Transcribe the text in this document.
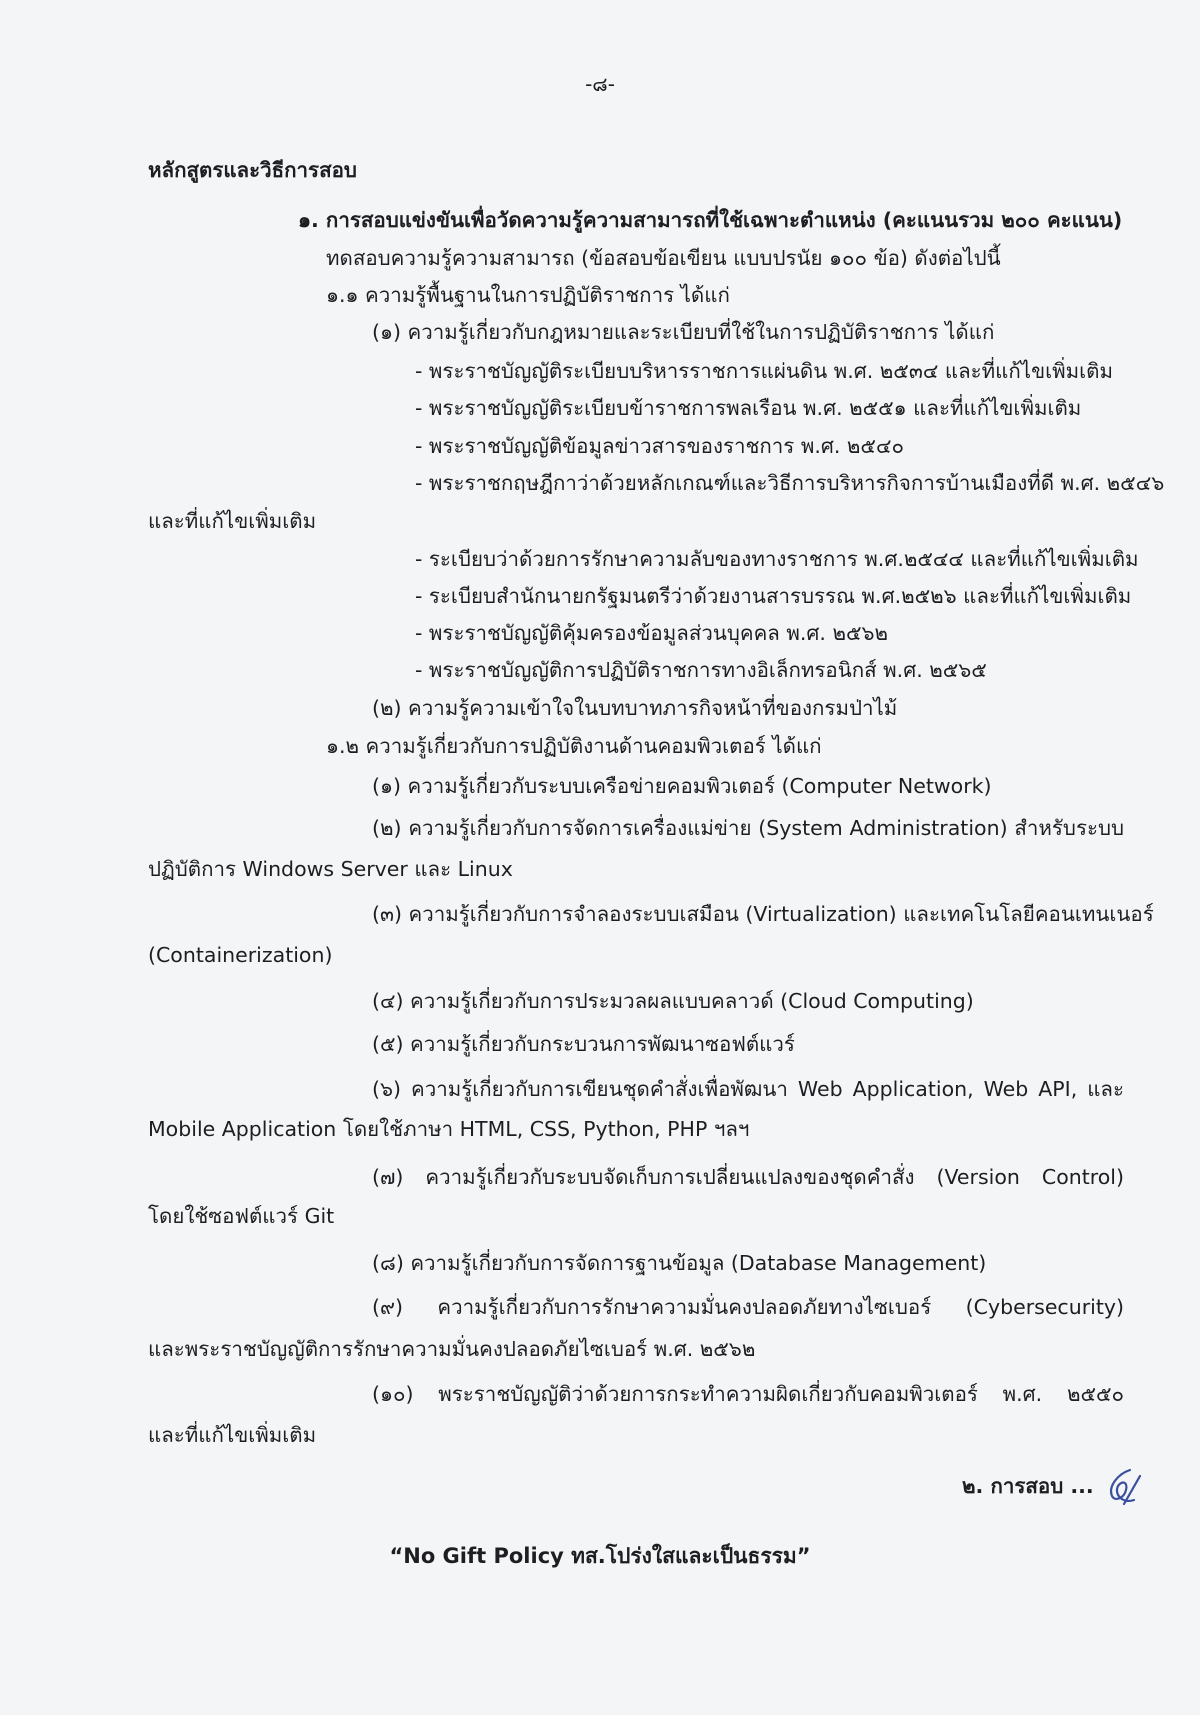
-๘-
หลักสูตรและวิธีการสอบ
๑. การสอบแข่งขันเพื่อวัดความรู้ความสามารถที่ใช้เฉพาะตำแหน่ง (คะแนนรวม ๒๐๐ คะแนน)
ทดสอบความรู้ความสามารถ (ข้อสอบข้อเขียน แบบปรนัย ๑๐๐ ข้อ) ดังต่อไปนี้
๑.๑ ความรู้พื้นฐานในการปฏิบัติราชการ ได้แก่
(๑) ความรู้เกี่ยวกับกฎหมายและระเบียบที่ใช้ในการปฏิบัติราชการ ได้แก่
- พระราชบัญญัติระเบียบบริหารราชการแผ่นดิน พ.ศ. ๒๕๓๔ และที่แก้ไขเพิ่มเติม
- พระราชบัญญัติระเบียบข้าราชการพลเรือน พ.ศ. ๒๕๕๑ และที่แก้ไขเพิ่มเติม
- พระราชบัญญัติข้อมูลข่าวสารของราชการ พ.ศ. ๒๕๔๐
- พระราชกฤษฎีกาว่าด้วยหลักเกณฑ์และวิธีการบริหารกิจการบ้านเมืองที่ดี พ.ศ. ๒๕๔๖
และที่แก้ไขเพิ่มเติม
- ระเบียบว่าด้วยการรักษาความลับของทางราชการ พ.ศ.๒๕๔๔ และที่แก้ไขเพิ่มเติม
- ระเบียบสำนักนายกรัฐมนตรีว่าด้วยงานสารบรรณ พ.ศ.๒๕๒๖ และที่แก้ไขเพิ่มเติม
- พระราชบัญญัติคุ้มครองข้อมูลส่วนบุคคล พ.ศ. ๒๕๖๒
- พระราชบัญญัติการปฏิบัติราชการทางอิเล็กทรอนิกส์ พ.ศ. ๒๕๖๕
(๒) ความรู้ความเข้าใจในบทบาทภารกิจหน้าที่ของกรมป่าไม้
๑.๒ ความรู้เกี่ยวกับการปฏิบัติงานด้านคอมพิวเตอร์ ได้แก่
(๑) ความรู้เกี่ยวกับระบบเครือข่ายคอมพิวเตอร์ (Computer Network)
(๒) ความรู้เกี่ยวกับการจัดการเครื่องแม่ข่าย (System Administration) สำหรับระบบ
ปฏิบัติการ Windows Server และ Linux
(๓) ความรู้เกี่ยวกับการจำลองระบบเสมือน (Virtualization) และเทคโนโลยีคอนเทนเนอร์
(Containerization)
(๔) ความรู้เกี่ยวกับการประมวลผลแบบคลาวด์ (Cloud Computing)
(๕) ความรู้เกี่ยวกับกระบวนการพัฒนาซอฟต์แวร์
(๖) ความรู้เกี่ยวกับการเขียนชุดคำสั่งเพื่อพัฒนา Web Application, Web API, และ
Mobile Application โดยใช้ภาษา HTML, CSS, Python, PHP ฯลฯ
(๗) ความรู้เกี่ยวกับระบบจัดเก็บการเปลี่ยนแปลงของชุดคำสั่ง (Version Control)
โดยใช้ซอฟต์แวร์ Git
(๘) ความรู้เกี่ยวกับการจัดการฐานข้อมูล (Database Management)
(๙) ความรู้เกี่ยวกับการรักษาความมั่นคงปลอดภัยทางไซเบอร์ (Cybersecurity)
และพระราชบัญญัติการรักษาความมั่นคงปลอดภัยไซเบอร์ พ.ศ. ๒๕๖๒
(๑๐) พระราชบัญญัติว่าด้วยการกระทำความผิดเกี่ยวกับคอมพิวเตอร์ พ.ศ. ๒๕๕๐
และที่แก้ไขเพิ่มเติม
๒. การสอบ ...
“No Gift Policy ทส.โปร่งใสและเป็นธรรม”
